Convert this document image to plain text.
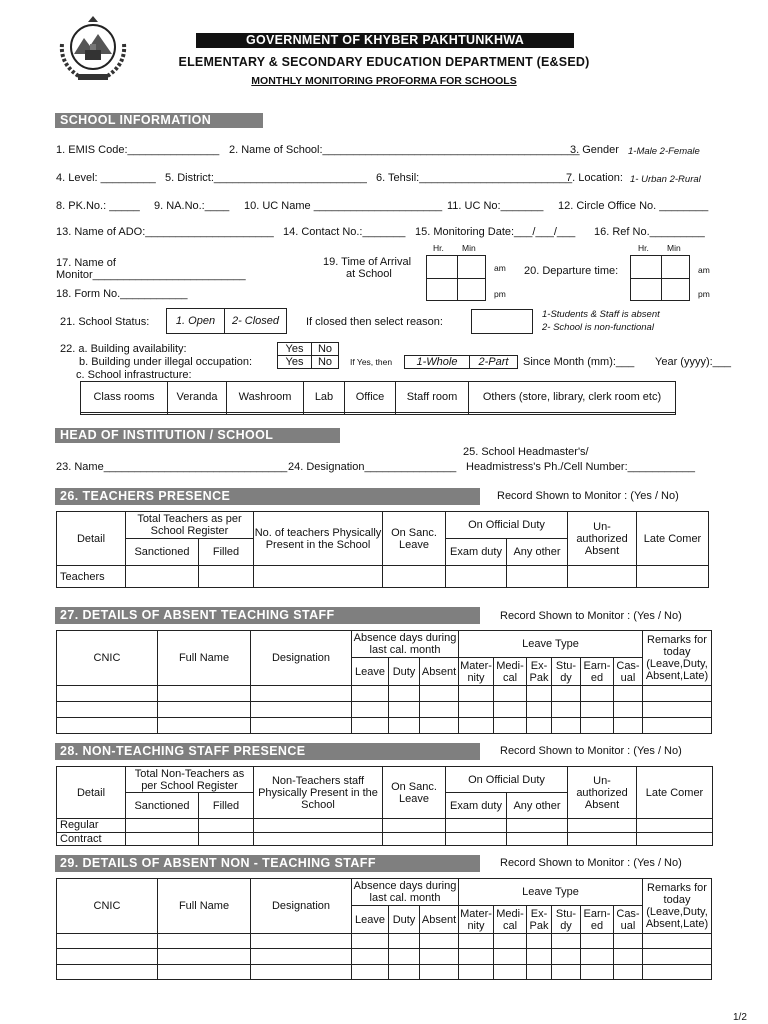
GOVERNMENT OF KHYBER PAKHTUNKHWA
ELEMENTARY & SECONDARY EDUCATION DEPARTMENT (E&SED)
MONTHLY MONITORING PROFORMA FOR SCHOOLS
SCHOOL INFORMATION
1. EMIS Code:_______________ 2. Name of School:__________________________________________
3. Gender 1-Male 2-Female
4. Level: _________ 5. District:_________________________ 6. Tehsil:_________________________
7. Location: 1- Urban 2-Rural
8. PK.No.: _____ 9. NA.No.:____ 10. UC Name _____________________ 11. UC No:_______ 12. Circle Office No. ________
13. Name of ADO:_____________________ 14. Contact No.:_______ 15. Monitoring Date:___/___/___ 16. Ref No._________
17. Name of
Monitor_________________________
18. Form No.___________
19. Time of Arrival
at School
Hr. Min

am
pm
20. Departure time:
Hr. Min

am
pm
21. School Status: 1. Open	2- Closed If closed then select reason:
1-Students & Staff is absent
2- School is non-functional
22. a. Building availability:
b. Building under illegal occupation:
c. School infrastructure:
Yes	No
Yes	No If Yes, then 1-Whole	2-Part Since Month (mm):___ Year (yyyy):___
Class rooms	Veranda	Washroom	Lab	Office	Staff room	Others (store, library, clerk room etc)

HEAD OF INSTITUTION / SCHOOL
25. School Headmaster's/
23. Name______________________________ 24. Designation_______________ Headmistress's Ph./Cell Number:___________
26. TEACHERS PRESENCE	Record Shown to Monitor : (Yes / No)
Detail	Total Teachers as per School Register		No. of teachers Physically Present in the School	On Sanc. Leave	On Official Duty		Un-authorized Absent	Late Comer
	Sanctioned	Filled			Exam duty	Any other		
Teachers								
27. DETAILS OF ABSENT TEACHING STAFF	Record Shown to Monitor : (Yes / No)
CNIC	Full Name	Designation	Absence days during last cal. month			Leave Type						Remarks for today (Leave,Duty, Absent,Late)
			Leave	Duty	Absent	Mater-nity	Medi-cal	Ex-Pak	Stu-dy	Earn-ed	Cas-ual	

28. NON-TEACHING STAFF PRESENCE	Record Shown to Monitor : (Yes / No)
Detail	Total Non-Teachers as per School Register		Non-Teachers staff Physically Present in the School	On Sanc. Leave	On Official Duty		Un-authorized Absent	Late Comer
	Sanctioned	Filled			Exam duty	Any other		
Regular								
Contract								
29. DETAILS OF ABSENT NON - TEACHING STAFF	Record Shown to Monitor : (Yes / No)
CNIC	Full Name	Designation	Absence days during last cal. month			Leave Type						Remarks for today (Leave,Duty, Absent,Late)
			Leave	Duty	Absent	Mater-nity	Medi-cal	Ex-Pak	Stu-dy	Earn-ed	Cas-ual	

1/2
